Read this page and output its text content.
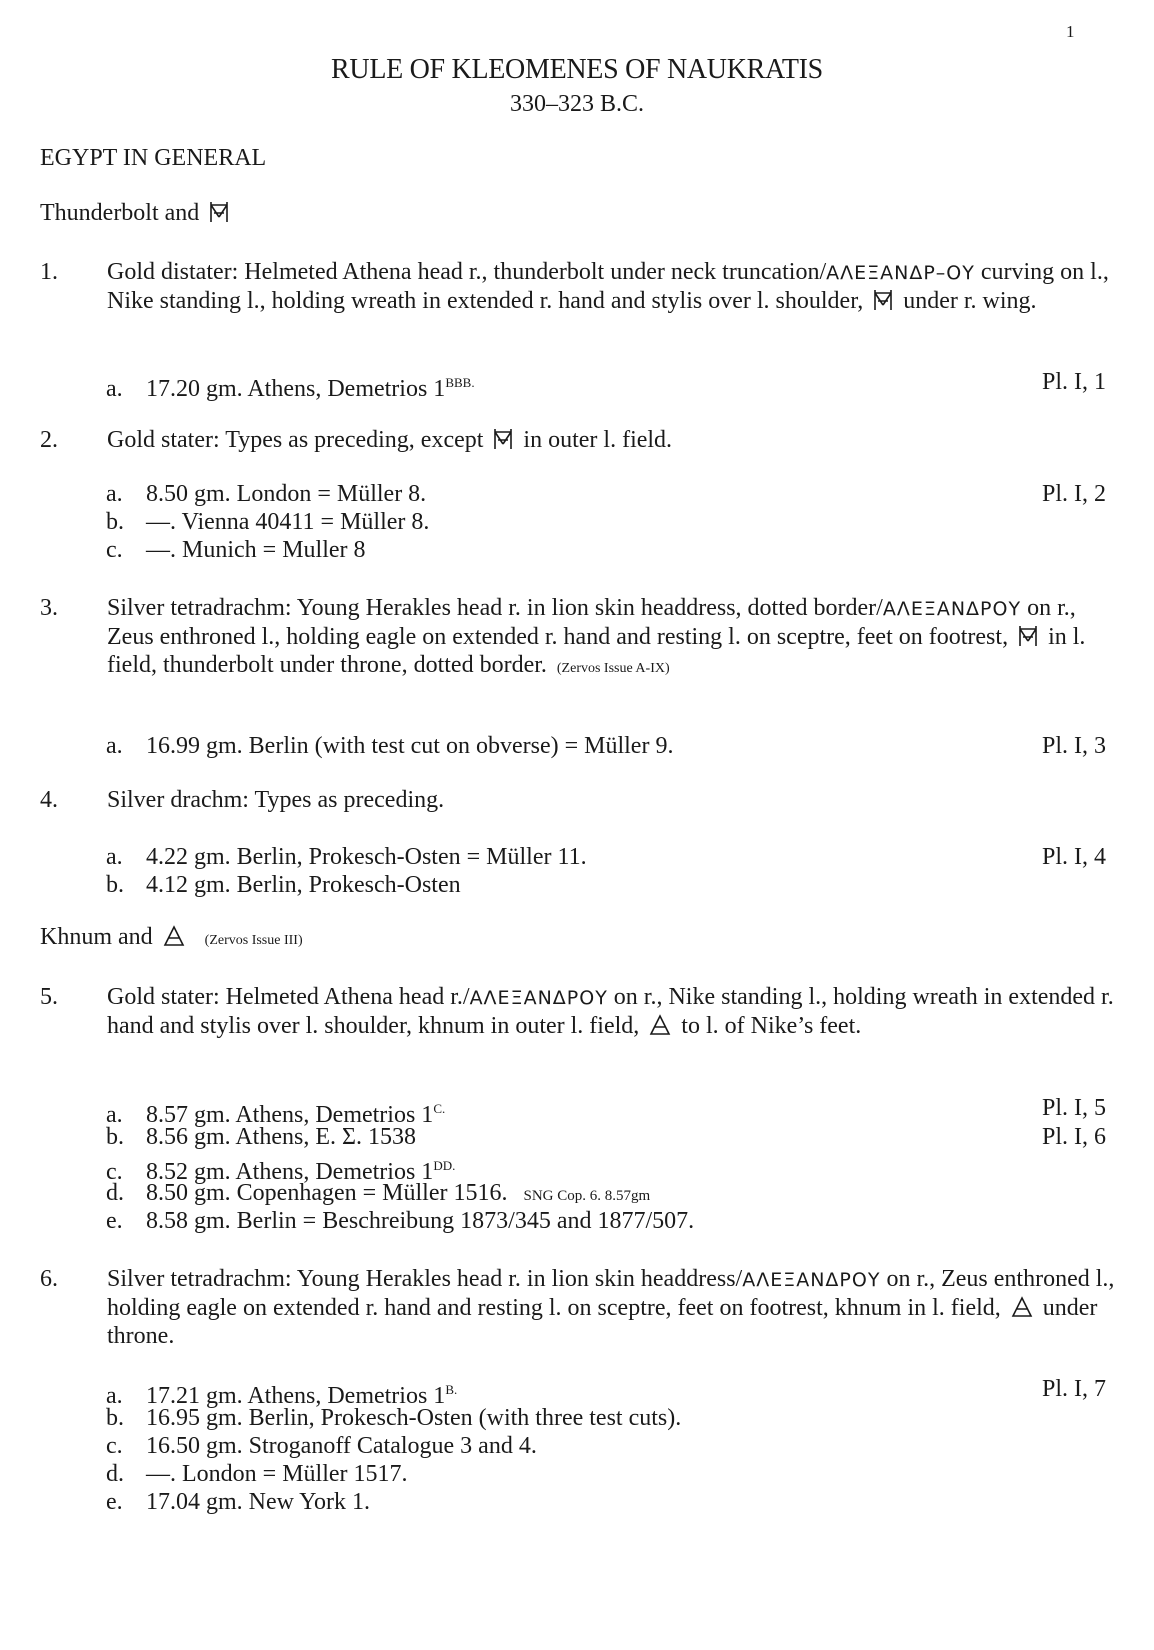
1
RULE OF KLEOMENES OF NAUKRATIS
330–323 B.C.
EGYPT IN GENERAL
Thunderbolt and
1. Gold distater: Helmeted Athena head r., thunderbolt under neck truncation/ΑΛΕΞΑΝΔΡ–ΟΥ curving on l., Nike standing l., holding wreath in extended r. hand and stylis over l. shoulder,  under r. wing.
a. 17.20 gm. Athens, Demetrios $1^{BBB.}$	Pl. I, 1
2. Gold stater: Types as preceding, except  in outer l. field.
a. 8.50 gm. London = Müller 8.	Pl. I, 2
b. —. Vienna 40411 = Müller 8.
c. —. Munich = Muller 8
3. Silver tetradrachm: Young Herakles head r. in lion skin headdress, dotted border/ΑΛΕΞΑΝΔΡΟΥ on r., Zeus enthroned l., holding eagle on extended r. hand and resting l. on sceptre, feet on footrest,  in l. field, thunderbolt under throne, dotted border. (Zervos Issue A-IX)
a. 16.99 gm. Berlin (with test cut on obverse) = Müller 9.	Pl. I, 3
4. Silver drachm: Types as preceding.
a. 4.22 gm. Berlin, Prokesch-Osten = Müller 11.	Pl. I, 4
b. 4.12 gm. Berlin, Prokesch-Osten
Khnum and	(Zervos Issue III)
5. Gold stater: Helmeted Athena head r./ΑΛΕΞΑΝΔΡΟΥ on r., Nike standing l., holding wreath in extended r. hand and stylis over l. shoulder, khnum in outer l. field,  to l. of Nike’s feet.
a. 8.57 gm. Athens, Demetrios $1^{C.}$	Pl. I, 5
b. 8.56 gm. Athens, E. Σ. 1538	Pl. I, 6
c. 8.52 gm. Athens, Demetrios $1^{DD.}$
d. 8.50 gm. Copenhagen = Müller 1516. SNG Cop. 6. 8.57gm
e. 8.58 gm. Berlin = Beschreibung 1873/345 and 1877/507.
6. Silver tetradrachm: Young Herakles head r. in lion skin headdress/ΑΛΕΞΑΝΔΡΟΥ on r., Zeus enthroned l., holding eagle on extended r. hand and resting l. on sceptre, feet on footrest, khnum in l. field,  under throne.
a. 17.21 gm. Athens, Demetrios $1^{B.}$	Pl. I, 7
b. 16.95 gm. Berlin, Prokesch-Osten (with three test cuts).
c. 16.50 gm. Stroganoff Catalogue 3 and 4.
d. —. London = Müller 1517.
e. 17.04 gm. New York 1.
